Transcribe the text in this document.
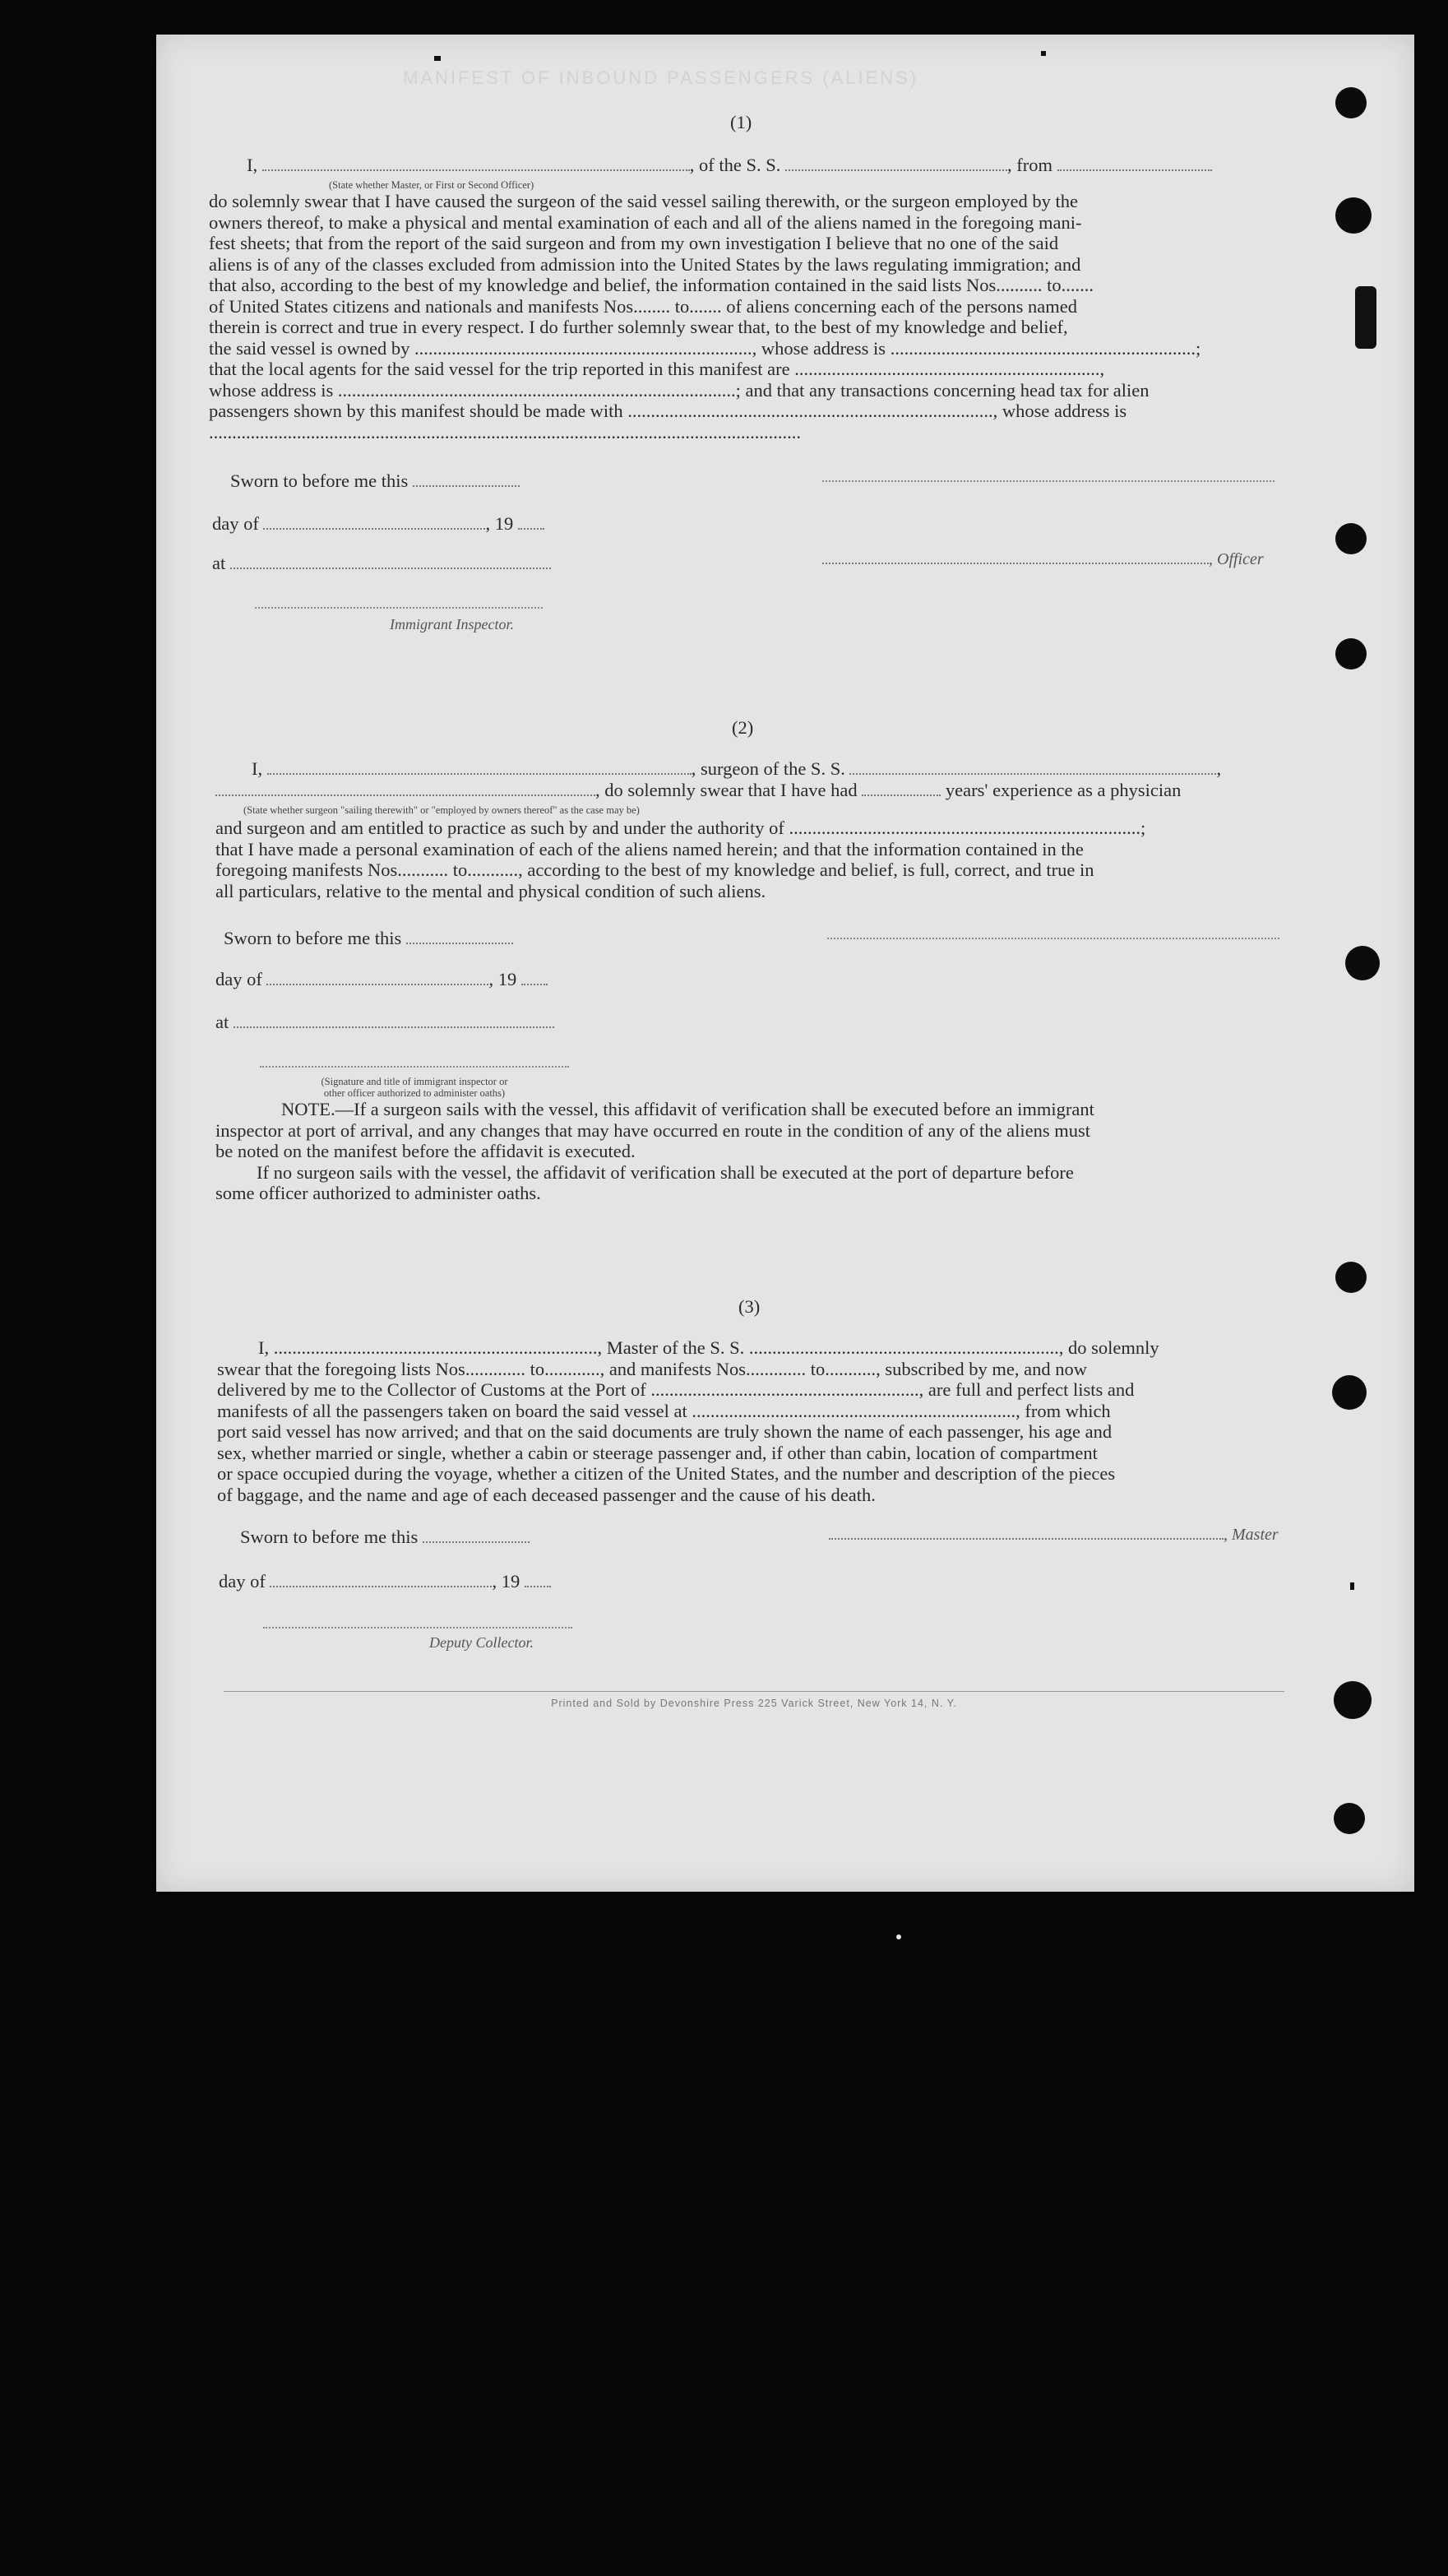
MANIFEST OF INBOUND PASSENGERS (ALIENS)
(1)
I,	, of the S. S.	, from
(State whether Master, or First or Second Officer)
do solemnly swear that I have caused the surgeon of the said vessel sailing therewith, or the surgeon employed by the
owners thereof, to make a physical and mental examination of each and all of the aliens named in the foregoing mani-
fest sheets; that from the report of the said surgeon and from my own investigation I believe that no one of the said
aliens is of any of the classes excluded from admission into the United States by the laws regulating immigration; and
that also, according to the best of my knowledge and belief, the information contained in the said lists Nos.......... to.......
of United States citizens and nationals and manifests Nos........ to....... of aliens concerning each of the persons named
therein is correct and true in every respect. I do further solemnly swear that, to the best of my knowledge and belief,
the said vessel is owned by ........................................................................., whose address is ..................................................................;
that the local agents for the said vessel for the trip reported in this manifest are ..................................................................,
whose address is ......................................................................................; and that any transactions concerning head tax for alien
passengers shown by this manifest should be made with ..............................................................................., whose address is
................................................................................................................................
Sworn to before me this
day of	, 19
at	, Officer
Immigrant Inspector.
(2)
I,	, surgeon of the S. S.	,
, do solemnly swear that I have had	years' experience as a physician
(State whether surgeon "sailing therewith" or "employed by owners thereof" as the case may be)
and surgeon and am entitled to practice as such by and under the authority of ............................................................................;
that I have made a personal examination of each of the aliens named herein; and that the information contained in the
foregoing manifests Nos........... to..........., according to the best of my knowledge and belief, is full, correct, and true in
all particulars, relative to the mental and physical condition of such aliens.
Sworn to before me this
day of	, 19
at
(Signature and title of immigrant inspector or
other officer authorized to administer oaths)
NOTE.—If a surgeon sails with the vessel, this affidavit of verification shall be executed before an immigrant
inspector at port of arrival, and any changes that may have occurred en route in the condition of any of the aliens must
be noted on the manifest before the affidavit is executed.
If no surgeon sails with the vessel, the affidavit of verification shall be executed at the port of departure before
some officer authorized to administer oaths.
(3)
I, ......................................................................, Master of the S. S. ..................................................................., do solemnly
swear that the foregoing lists Nos............. to............, and manifests Nos............. to..........., subscribed by me, and now
delivered by me to the Collector of Customs at the Port of .........................................................., are full and perfect lists and
manifests of all the passengers taken on board the said vessel at ......................................................................, from which
port said vessel has now arrived; and that on the said documents are truly shown the name of each passenger, his age and
sex, whether married or single, whether a cabin or steerage passenger and, if other than cabin, location of compartment
or space occupied during the voyage, whether a citizen of the United States, and the number and description of the pieces
of baggage, and the name and age of each deceased passenger and the cause of his death.
Sworn to before me this	, Master
day of	, 19
Deputy Collector.
Printed and Sold by Devonshire Press 225 Varick Street, New York 14, N. Y.
